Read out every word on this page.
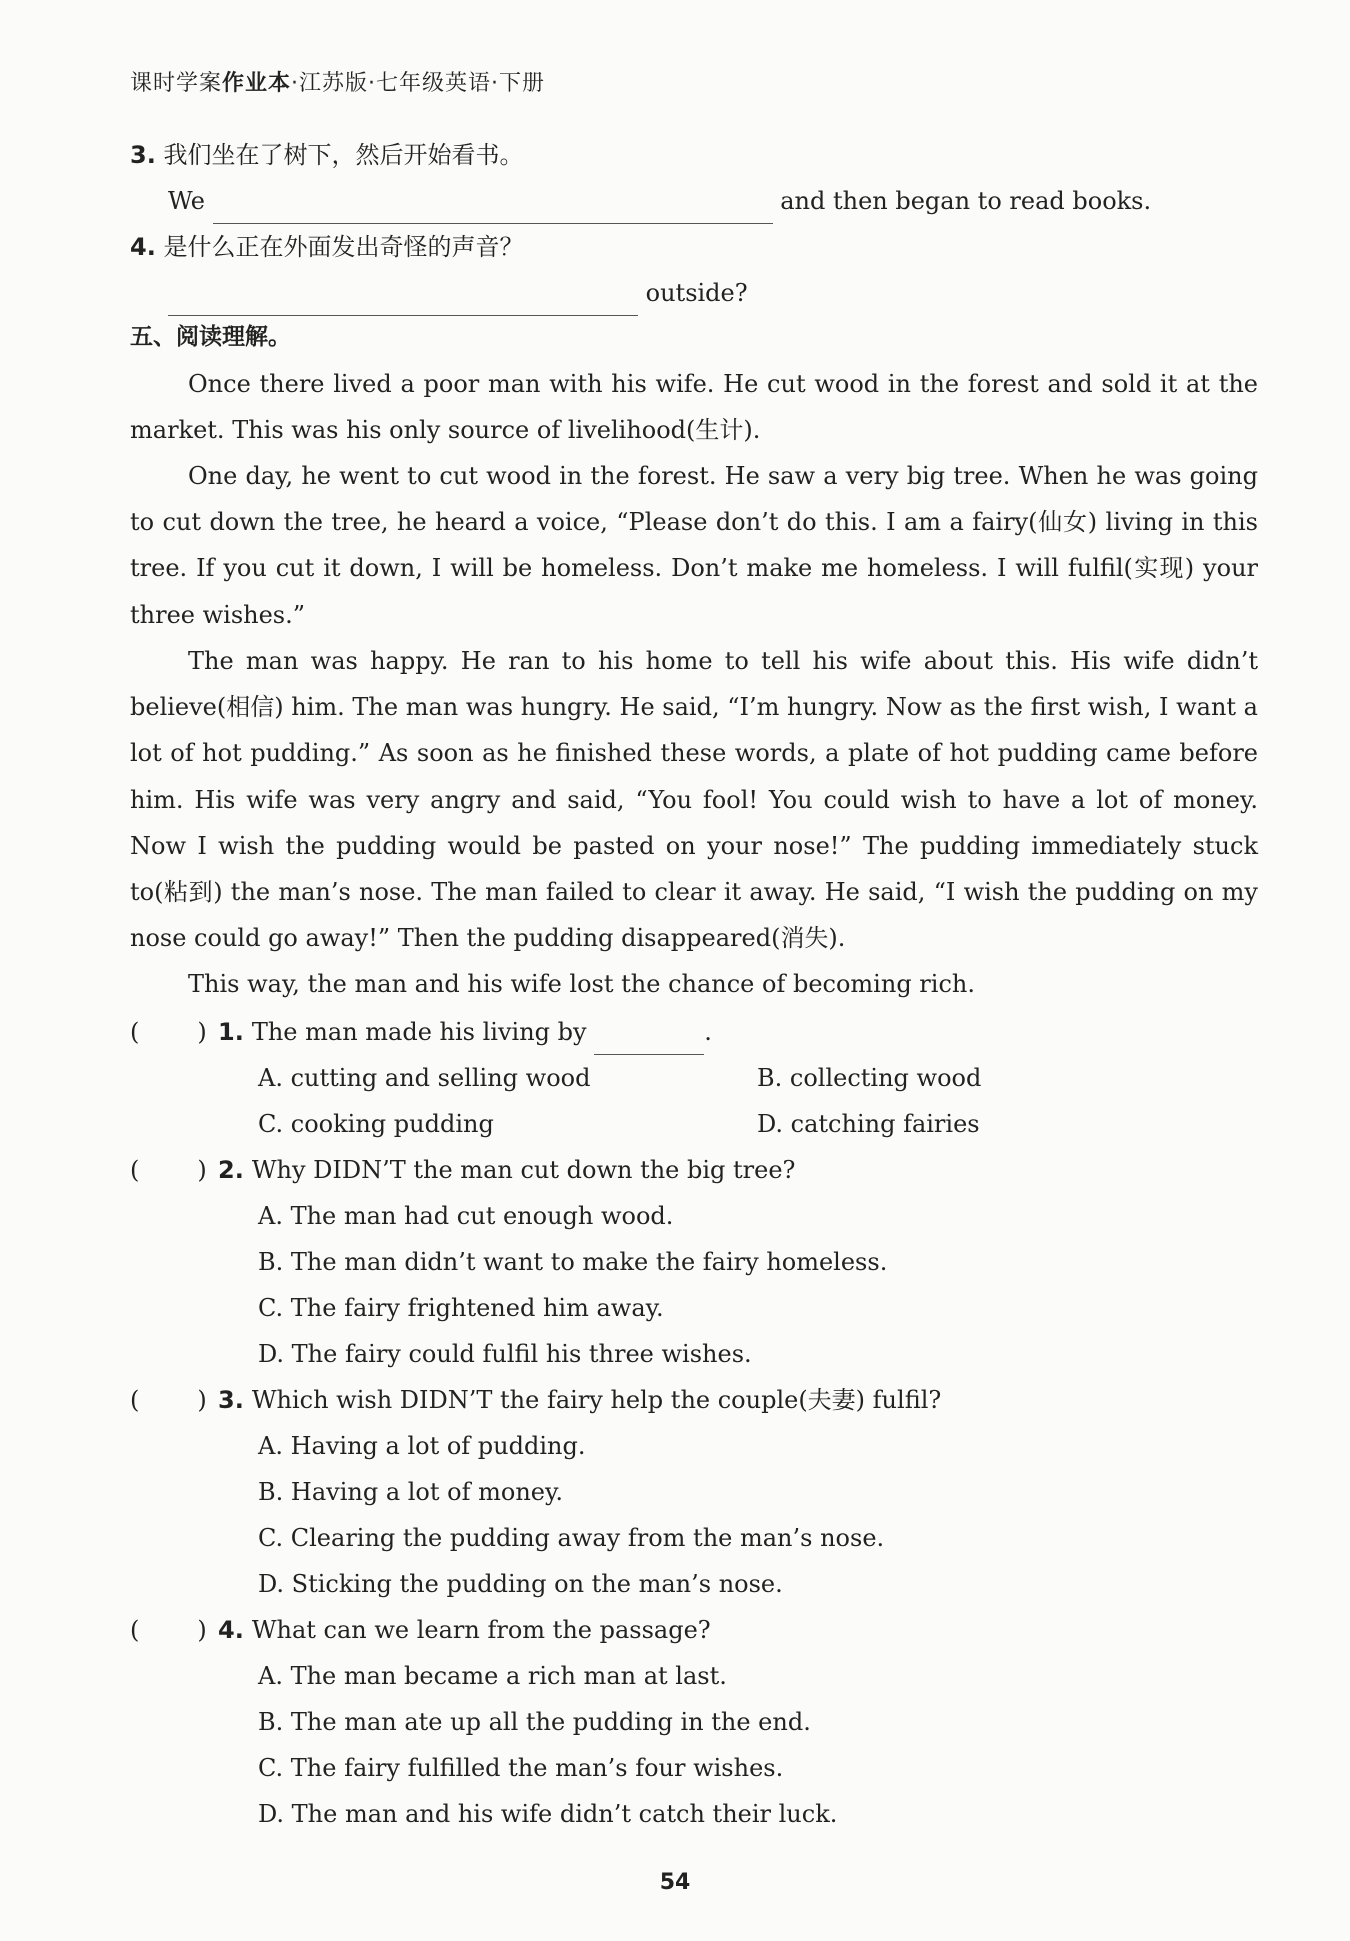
课时学案作业本·江苏版·七年级英语·下册
3. 我们坐在了树下，然后开始看书。
We	and then began to read books.
4. 是什么正在外面发出奇怪的声音？
outside?
五、阅读理解。
Once there lived a poor man with his wife. He cut wood in the forest and sold it at the market. This was his only source of livelihood(生计).
One day, he went to cut wood in the forest. He saw a very big tree. When he was going to cut down the tree, he heard a voice, “Please don’t do this. I am a fairy(仙女) living in this tree. If you cut it down, I will be homeless. Don’t make me homeless. I will fulfil(实现) your three wishes.”
The man was happy. He ran to his home to tell his wife about this. His wife didn’t believe(相信) him. The man was hungry. He said, “I’m hungry. Now as the first wish, I want a lot of hot pudding.” As soon as he finished these words, a plate of hot pudding came before him. His wife was very angry and said, “You fool! You could wish to have a lot of money. Now I wish the pudding would be pasted on your nose!” The pudding immediately stuck to(粘到) the man’s nose. The man failed to clear it away. He said, “I wish the pudding on my nose could go away!” Then the pudding disappeared(消失).
This way, the man and his wife lost the chance of becoming rich.
( ) 1. The man made his living by	.
A. cutting and selling wood	B. collecting wood
C. cooking pudding	D. catching fairies
( ) 2. Why DIDN’T the man cut down the big tree?
A. The man had cut enough wood.
B. The man didn’t want to make the fairy homeless.
C. The fairy frightened him away.
D. The fairy could fulfil his three wishes.
( ) 3. Which wish DIDN’T the fairy help the couple(夫妻) fulfil?
A. Having a lot of pudding.
B. Having a lot of money.
C. Clearing the pudding away from the man’s nose.
D. Sticking the pudding on the man’s nose.
( ) 4. What can we learn from the passage?
A. The man became a rich man at last.
B. The man ate up all the pudding in the end.
C. The fairy fulfilled the man’s four wishes.
D. The man and his wife didn’t catch their luck.
54
